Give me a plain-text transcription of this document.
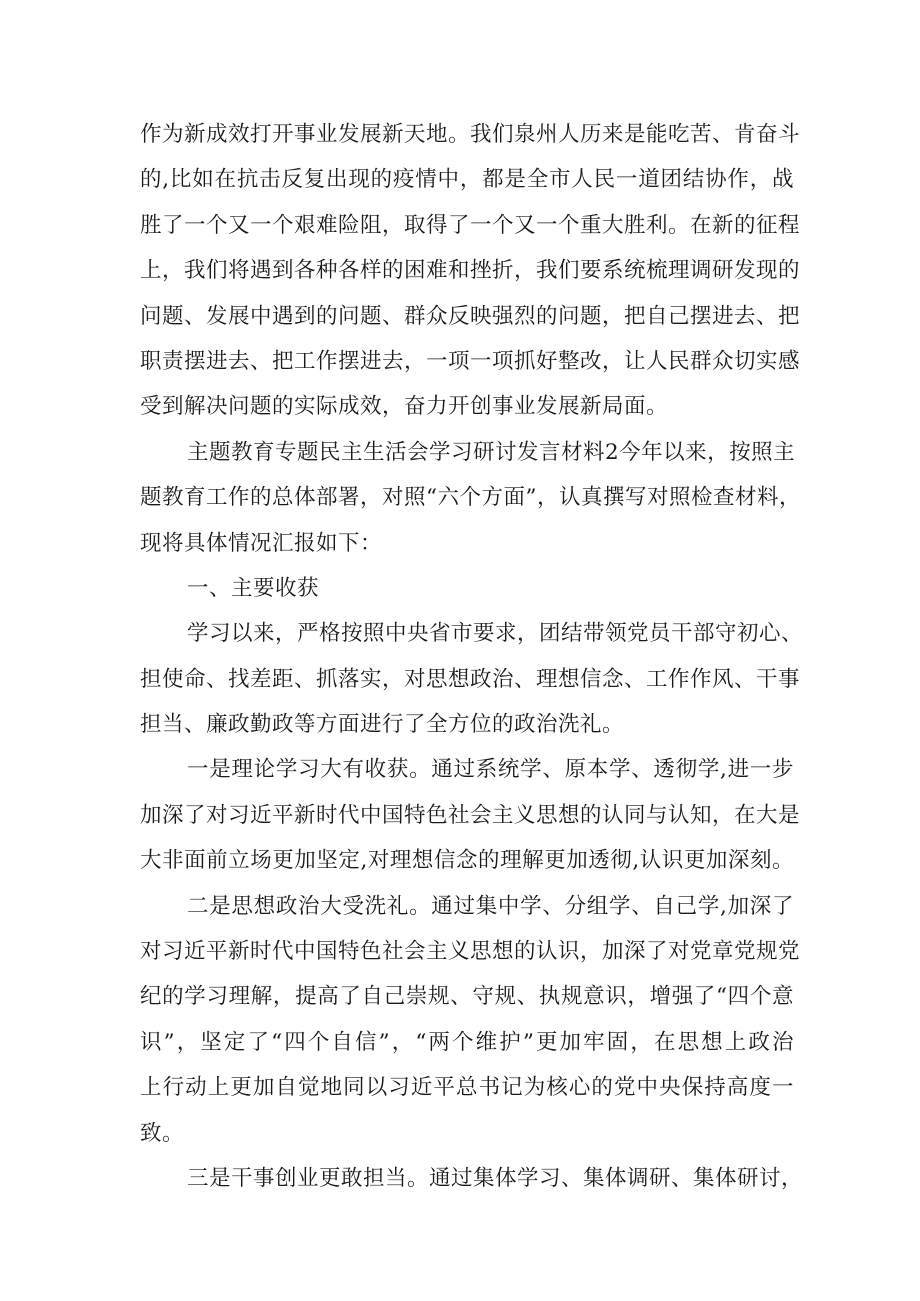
作为新成效打开事业发展新天地。我们泉州人历来是能吃苦、肯奋斗
的,比如在抗击反复出现的疫情中，都是全市人民一道团结协作，战
胜了一个又一个艰难险阻，取得了一个又一个重大胜利。在新的征程
上，我们将遇到各种各样的困难和挫折，我们要系统梳理调研发现的
问题、发展中遇到的问题、群众反映强烈的问题，把自己摆进去、把
职责摆进去、把工作摆进去，一项一项抓好整改，让人民群众切实感
受到解决问题的实际成效，奋力开创事业发展新局面。
主题教育专题民主生活会学习研讨发言材料2今年以来，按照主
题教育工作的总体部署，对照“六个方面”，认真撰写对照检查材料，
现将具体情况汇报如下：
一、主要收获
学习以来，严格按照中央省市要求，团结带领党员干部守初心、
担使命、找差距、抓落实，对思想政治、理想信念、工作作风、干事
担当、廉政勤政等方面进行了全方位的政治洗礼。
一是理论学习大有收获。通过系统学、原本学、透彻学,进一步
加深了对习近平新时代中国特色社会主义思想的认同与认知，在大是
大非面前立场更加坚定,对理想信念的理解更加透彻,认识更加深刻。
二是思想政治大受洗礼。通过集中学、分组学、自己学,加深了
对习近平新时代中国特色社会主义思想的认识，加深了对党章党规党
纪的学习理解，提高了自己崇规、守规、执规意识，增强了“四个意
识”，坚定了“四个自信”，“两个维护”更加牢固，在思想上政治
上行动上更加自觉地同以习近平总书记为核心的党中央保持高度一
致。
三是干事创业更敢担当。通过集体学习、集体调研、集体研讨，
